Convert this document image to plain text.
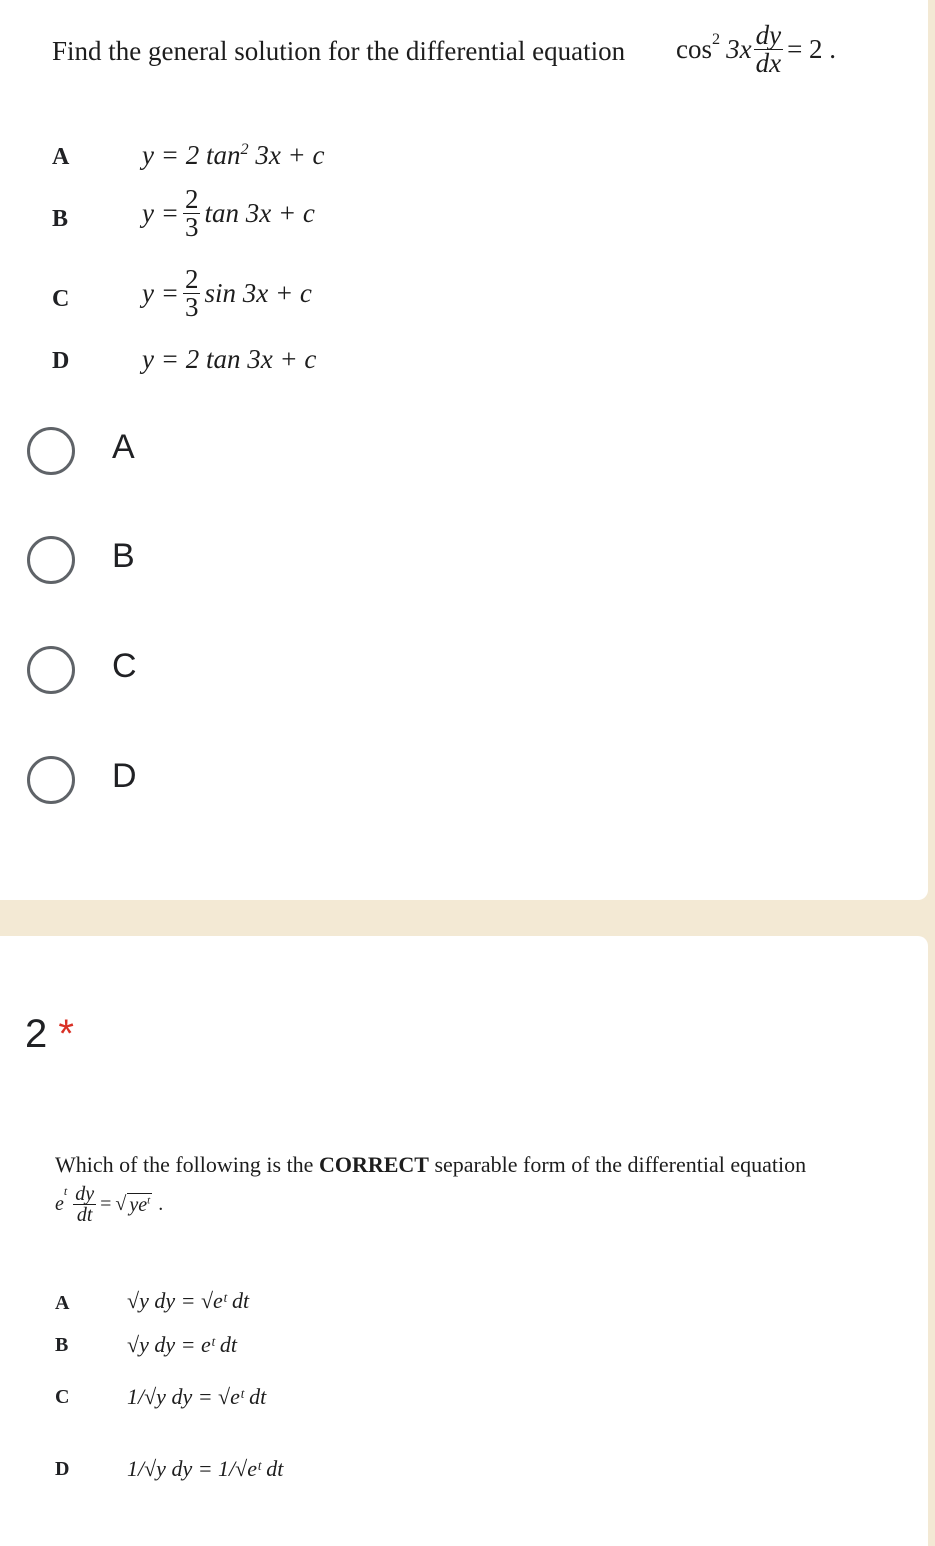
Find the general solution for the differential equation $\cos^2 3x \frac{dy}{dx} = 2$ .
A	y = 2 $\tan^2 3x + c$
B	$y = \frac{2}{3}$ tan 3x + c
C	$y = \frac{2}{3}$ sin 3x + c
D	y = 2 tan 3x + c
A
B
C
D
2 *
Which of the following is the CORRECT separable form of the differential equation
e
$^t \frac{dy}{dt}$ = √ $ye^t$ .
A	√y dy = √eᵗ dt
B	√y dy = eᵗ dt
C	1/√y dy = √eᵗ dt
D	1/√y dy = 1/√eᵗ dt
